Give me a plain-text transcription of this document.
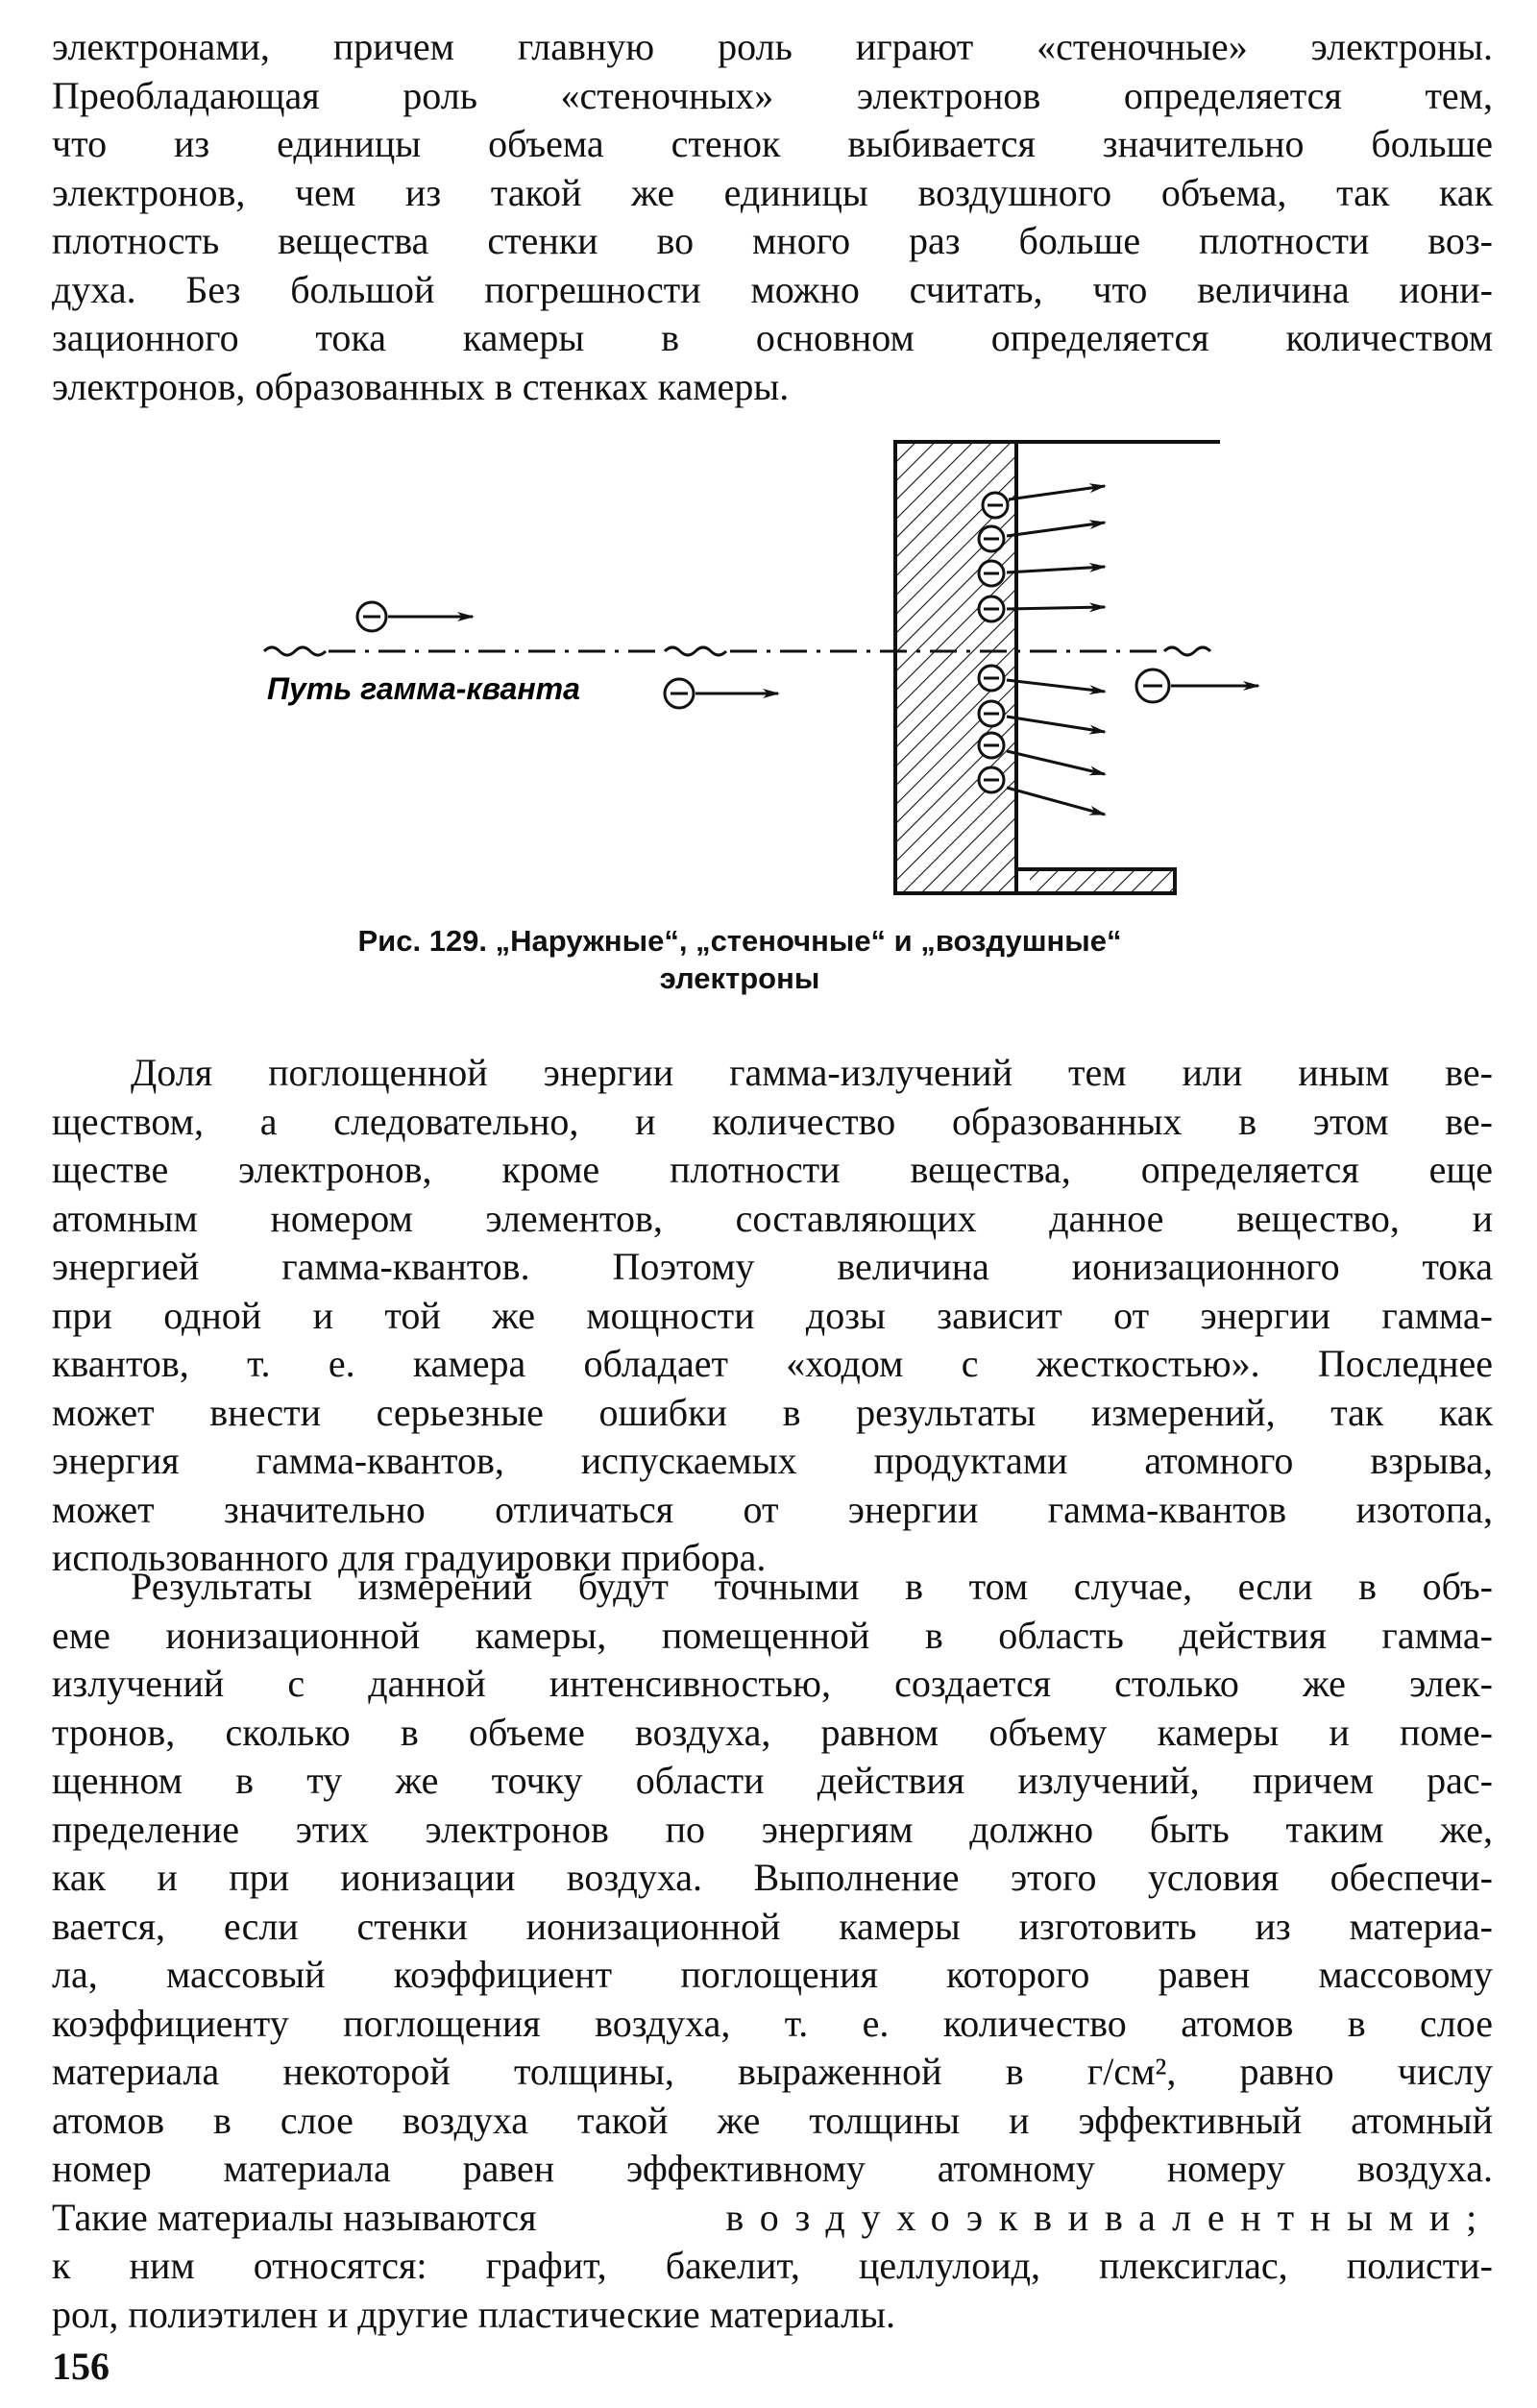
электронами, причем главную роль играют «стеночные» электроны.
Преобладающая роль «стеночных» электронов определяется тем,
что из единицы объема стенок выбивается значительно больше
электронов, чем из такой же единицы воздушного объема, так как
плотность вещества стенки во много раз больше плотности воз-
духа. Без большой погрешности можно считать, что величина иони-
зационного тока камеры в основном определяется количеством
электронов, образованных в стенках камеры.

Путь гамма-кванта
Рис. 129. „Наружные“, „стеночные“ и „воздушные“
электроны

Доля поглощенной энергии гамма-излучений тем или иным ве-
ществом, а следовательно, и количество образованных в этом ве-
ществе электронов, кроме плотности вещества, определяется еще
атомным номером элементов, составляющих данное вещество, и
энергией гамма-квантов. Поэтому величина ионизационного тока
при одной и той же мощности дозы зависит от энергии гамма-
квантов, т. е. камера обладает «ходом с жесткостью». Последнее
может внести серьезные ошибки в результаты измерений, так как
энергия гамма-квантов, испускаемых продуктами атомного взрыва,
может значительно отличаться от энергии гамма-квантов изотопа,
использованного для градуировки прибора.

Результаты измерений будут точными в том случае, если в объ-
еме ионизационной камеры, помещенной в область действия гамма-
излучений с данной интенсивностью, создается столько же элек-
тронов, сколько в объеме воздуха, равном объему камеры и поме-
щенном в ту же точку области действия излучений, причем рас-
пределение этих электронов по энергиям должно быть таким же,
как и при ионизации воздуха. Выполнение этого условия обеспечи-
вается, если стенки ионизационной камеры изготовить из материа-
ла, массовый коэффициент поглощения которого равен массовому
коэффициенту поглощения воздуха, т. е. количество атомов в слое
материала некоторой толщины, выраженной в г/см², равно числу
атомов в слое воздуха такой же толщины и эффективный атомный
номер материала равен эффективному атомному номеру воздуха.
Такие материалы называются	воздухоэквивалентными;
к ним относятся: графит, бакелит, целлулоид, плексиглас, полисти-
рол, полиэтилен и другие пластические материалы.

156
